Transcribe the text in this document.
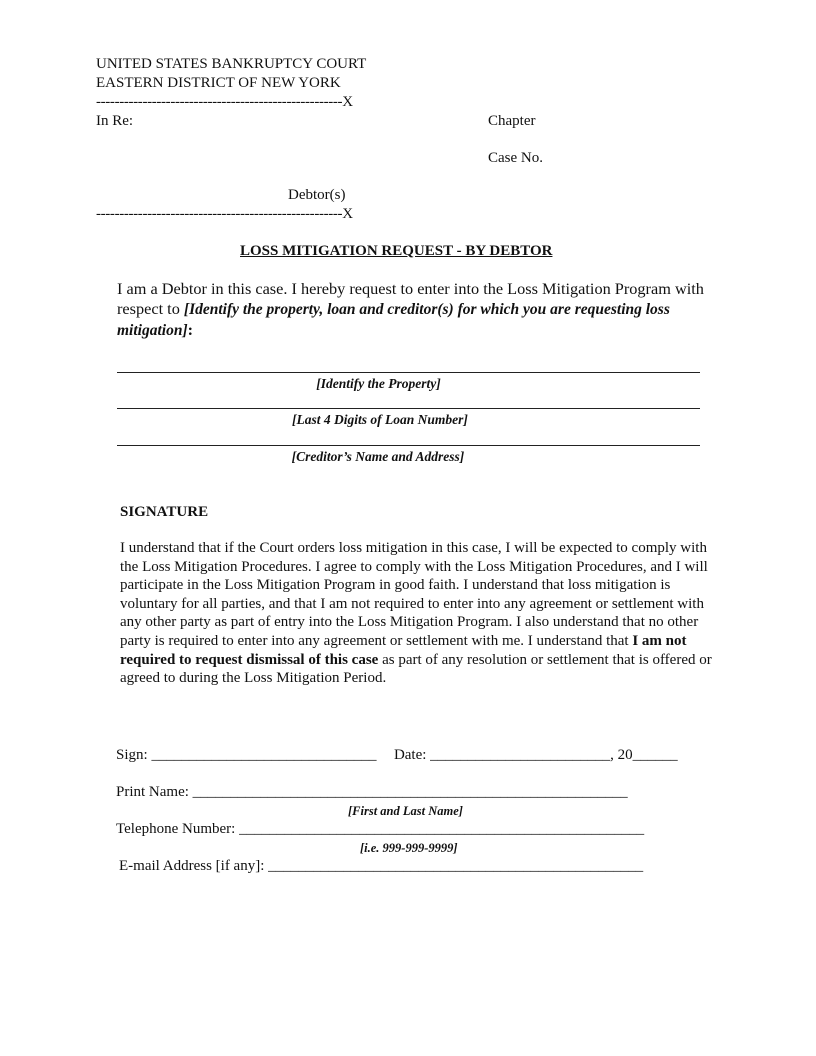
UNITED STATES BANKRUPTCY COURT
EASTERN DISTRICT OF NEW YORK
-----------------------------------------------------X
In Re:	Chapter
Case No.
Debtor(s)
-----------------------------------------------------X
LOSS MITIGATION REQUEST - BY DEBTOR
I am a Debtor in this case. I hereby request to enter into the Loss Mitigation Program with respect to [Identify the property, loan and creditor(s) for which you are requesting loss mitigation]:
[Identify the Property]
[Last 4 Digits of Loan Number]
[Creditor’s Name and Address]
SIGNATURE
I understand that if the Court orders loss mitigation in this case, I will be expected to comply with the Loss Mitigation Procedures. I agree to comply with the Loss Mitigation Procedures, and I will participate in the Loss Mitigation Program in good faith. I understand that loss mitigation is voluntary for all parties, and that I am not required to enter into any agreement or settlement with any other party as part of entry into the Loss Mitigation Program. I also understand that no other party is required to enter into any agreement or settlement with me. I understand that I am not required to request dismissal of this case as part of any resolution or settlement that is offered or agreed to during the Loss Mitigation Period.
Sign: ______________________________ Date: ________________________, 20______
Print Name: __________________________________________________________
[First and Last Name]
Telephone Number: ______________________________________________________
[i.e. 999-999-9999]
E-mail Address [if any]: __________________________________________________
